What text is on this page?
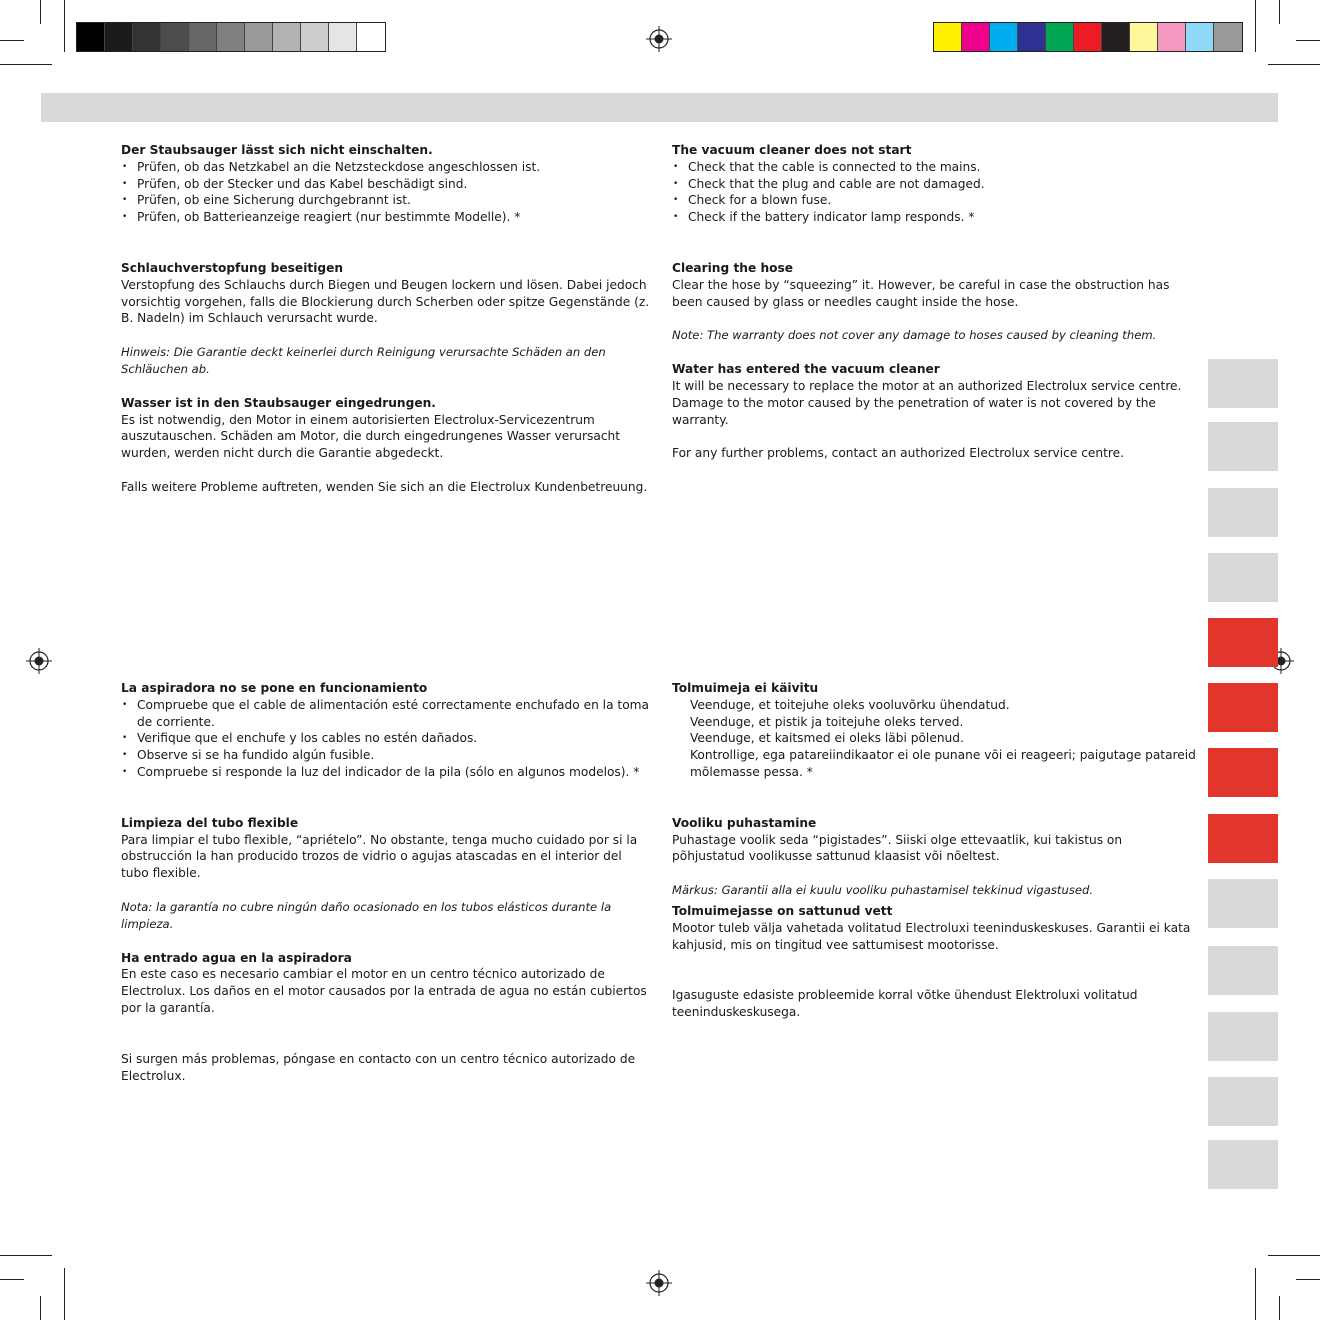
Der Staubsauger lässt sich nicht einschalten.
• Prüfen, ob das Netzkabel an die Netzsteckdose angeschlossen ist.
• Prüfen, ob der Stecker und das Kabel beschädigt sind.
• Prüfen, ob eine Sicherung durchgebrannt ist.
• Prüfen, ob Batterieanzeige reagiert (nur bestimmte Modelle). *
Schlauchverstopfung beseitigen

Verstopfung des Schlauchs durch Biegen und Beugen lockern und lösen. Dabei jedoch vorsichtig vorgehen, falls die Blockierung durch Scherben oder spitze Gegenstände (z. B. Nadeln) im Schlauch verursacht wurde.

Hinweis: Die Garantie deckt keinerlei durch Reinigung verursachte Schäden an den Schläuchen ab.

Wasser ist in den Staubsauger eingedrungen.

Es ist notwendig, den Motor in einem autorisierten Electrolux-Servicezentrum auszutauschen. Schäden am Motor, die durch eingedrungenes Wasser verursacht wurden, werden nicht durch die Garantie abgedeckt.

Falls weitere Probleme auftreten, wenden Sie sich an die Electrolux Kundenbetreuung.

The vacuum cleaner does not start
• Check that the cable is connected to the mains.
• Check that the plug and cable are not damaged.
• Check for a blown fuse.
• Check if the battery indicator lamp responds. *
Clearing the hose

Clear the hose by “squeezing” it. However, be careful in case the obstruction has been caused by glass or needles caught inside the hose.

Note: The warranty does not cover any damage to hoses caused by cleaning them.

Water has entered the vacuum cleaner

It will be necessary to replace the motor at an authorized Electrolux service centre. Damage to the motor caused by the penetration of water is not covered by the warranty.

For any further problems, contact an authorized Electrolux service centre.

La aspiradora no se pone en funcionamiento
• Compruebe que el cable de alimentación esté correctamente enchufado en la toma de corriente.
• Verifique que el enchufe y los cables no estén dañados.
• Observe si se ha fundido algún fusible.
• Compruebe si responde la luz del indicador de la pila (sólo en algunos modelos). *
Limpieza del tubo flexible

Para limpiar el tubo flexible, “apriételo”. No obstante, tenga mucho cuidado por si la obstrucción la han producido trozos de vidrio o agujas atascadas en el interior del tubo flexible.

Nota: la garantía no cubre ningún daño ocasionado en los tubos elásticos durante la limpieza.

Ha entrado agua en la aspiradora

En este caso es necesario cambiar el motor en un centro técnico autorizado de Electrolux. Los daños en el motor causados por la entrada de agua no están cubiertos por la garantía.

Si surgen más problemas, póngase en contacto con un centro técnico autorizado de Electrolux.

Tolmuimeja ei käivitu
Veenduge, et toitejuhe oleks vooluvõrku ühendatud.
Veenduge, et pistik ja toitejuhe oleks terved.
Veenduge, et kaitsmed ei oleks läbi põlenud.
Kontrollige, ega patareiindikaator ei ole punane või ei reageeri; paigutage patareid mõlemasse pessa. *
Vooliku puhastamine

Puhastage voolik seda “pigistades”. Siiski olge ettevaatlik, kui takistus on põhjustatud voolikusse sattunud klaasist või nõeltest.

Märkus: Garantii alla ei kuulu vooliku puhastamisel tekkinud vigastused.

Tolmuimejasse on sattunud vett

Mootor tuleb välja vahetada volitatud Electroluxi teeninduskeskuses. Garantii ei kata kahjusid, mis on tingitud vee sattumisest mootorisse.

Igasuguste edasiste probleemide korral võtke ühendust Elektroluxi volitatud teeninduskeskusega.
